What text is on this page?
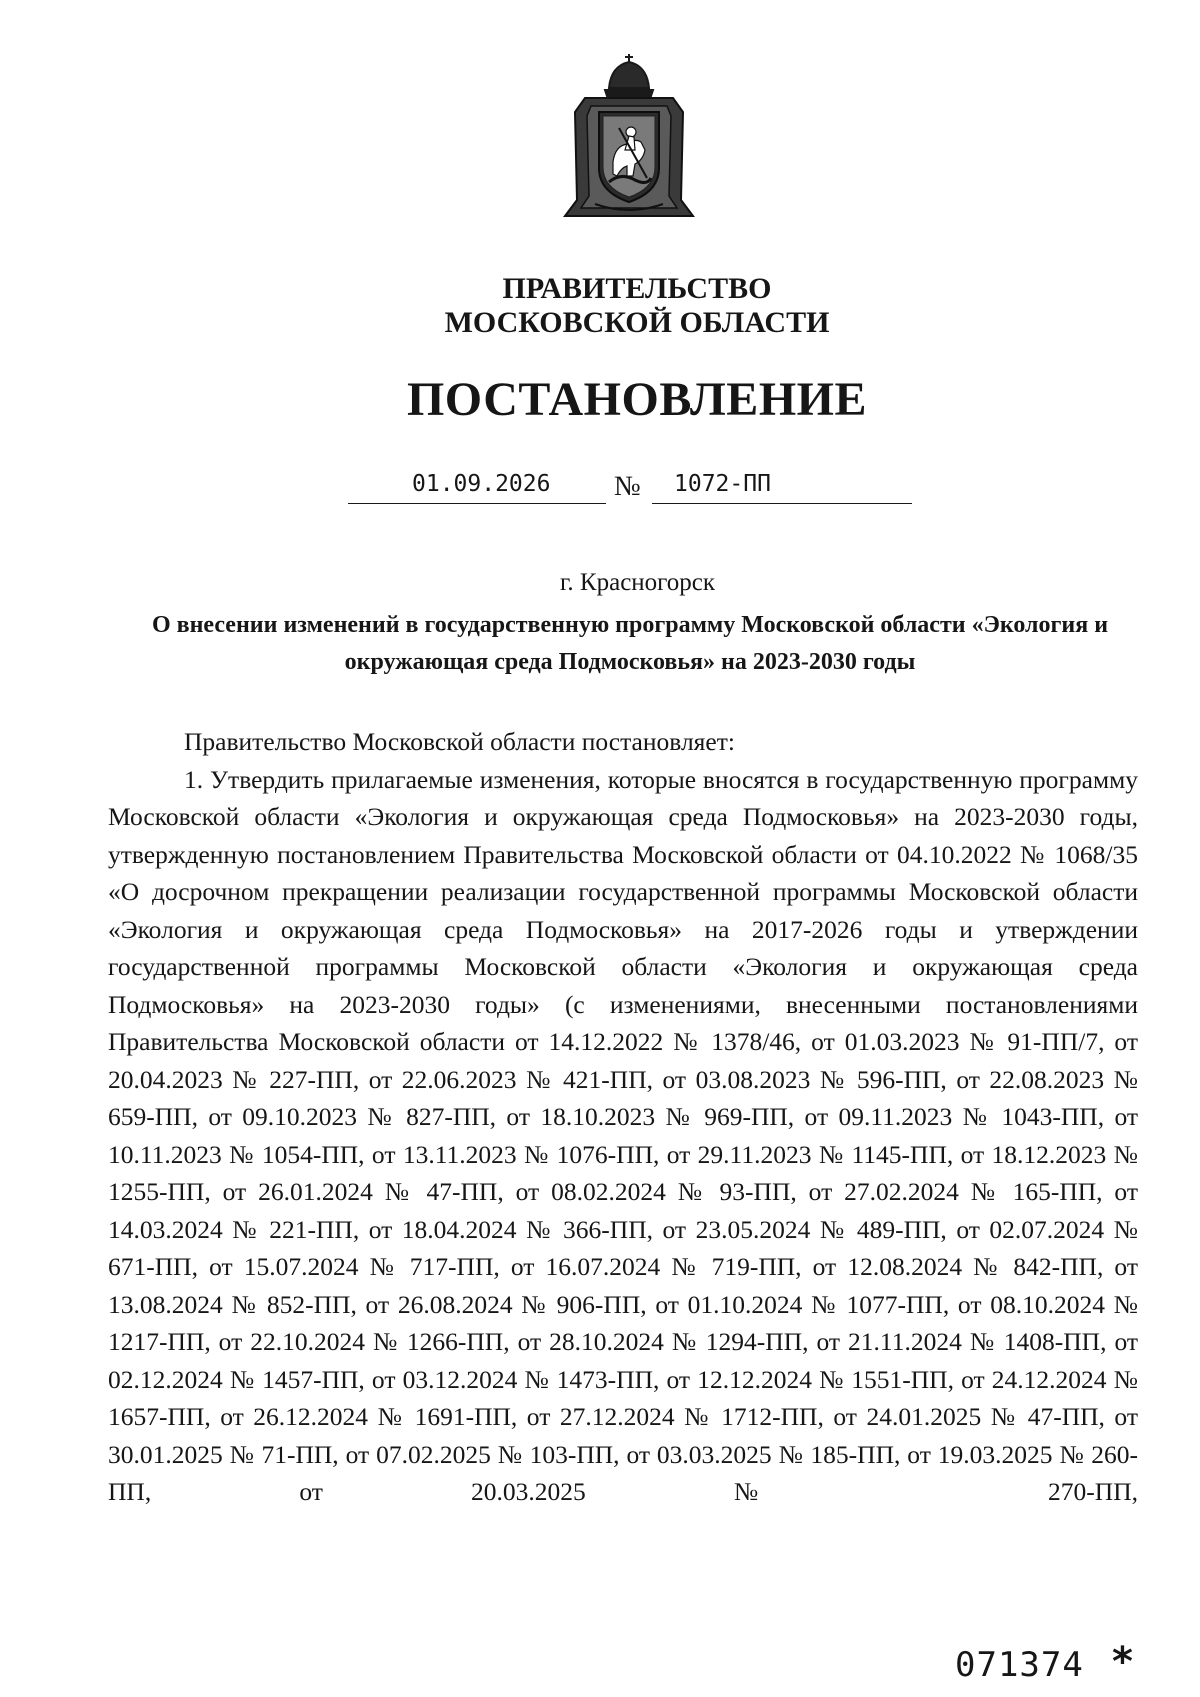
ПРАВИТЕЛЬСТВО
МОСКОВСКОЙ ОБЛАСТИ
ПОСТАНОВЛЕНИЕ
01.09.2026 № 1072-ПП
г. Красногорск
О внесении изменений в государственную программу Московской области «Экология и окружающая среда Подмосковья» на 2023-2030 годы

Правительство Московской области постановляет:

1. Утвердить прилагаемые изменения, которые вносятся в государственную программу Московской области «Экология и окружающая среда Подмосковья» на 2023-2030 годы, утвержденную постановлением Правительства Московской области от 04.10.2022 № 1068/35 «О досрочном прекращении реализации государственной программы Московской области «Экология и окружающая среда Подмосковья» на 2017-2026 годы и утверждении государственной программы Московской области «Экология и окружающая среда Подмосковья» на 2023-2030 годы» (с изменениями, внесенными постановлениями Правительства Московской области от 14.12.2022 № 1378/46, от 01.03.2023 № 91-ПП/7, от 20.04.2023 № 227-ПП, от 22.06.2023 № 421-ПП, от 03.08.2023 № 596-ПП, от 22.08.2023 № 659-ПП, от 09.10.2023 № 827-ПП, от 18.10.2023 № 969-ПП, от 09.11.2023 № 1043-ПП, от 10.11.2023 № 1054-ПП, от 13.11.2023 № 1076-ПП, от 29.11.2023 № 1145-ПП, от 18.12.2023 № 1255-ПП, от 26.01.2024 № 47-ПП, от 08.02.2024 № 93-ПП, от 27.02.2024 № 165-ПП, от 14.03.2024 № 221-ПП, от 18.04.2024 № 366-ПП, от 23.05.2024 № 489-ПП, от 02.07.2024 № 671-ПП, от 15.07.2024 № 717-ПП, от 16.07.2024 № 719-ПП, от 12.08.2024 № 842-ПП, от 13.08.2024 № 852-ПП, от 26.08.2024 № 906-ПП, от 01.10.2024 № 1077-ПП, от 08.10.2024 № 1217-ПП, от 22.10.2024 № 1266-ПП, от 28.10.2024 № 1294-ПП, от 21.11.2024 № 1408-ПП, от 02.12.2024 № 1457-ПП, от 03.12.2024 № 1473-ПП, от 12.12.2024 № 1551-ПП, от 24.12.2024 № 1657-ПП, от 26.12.2024 № 1691-ПП, от 27.12.2024 № 1712-ПП, от 24.01.2025 № 47-ПП, от 30.01.2025 № 71-ПП, от 07.02.2025 № 103-ПП, от 03.03.2025 № 185-ПП, от 19.03.2025 № 260-ПП, от 20.03.2025 № 270-ПП,

071374 *
